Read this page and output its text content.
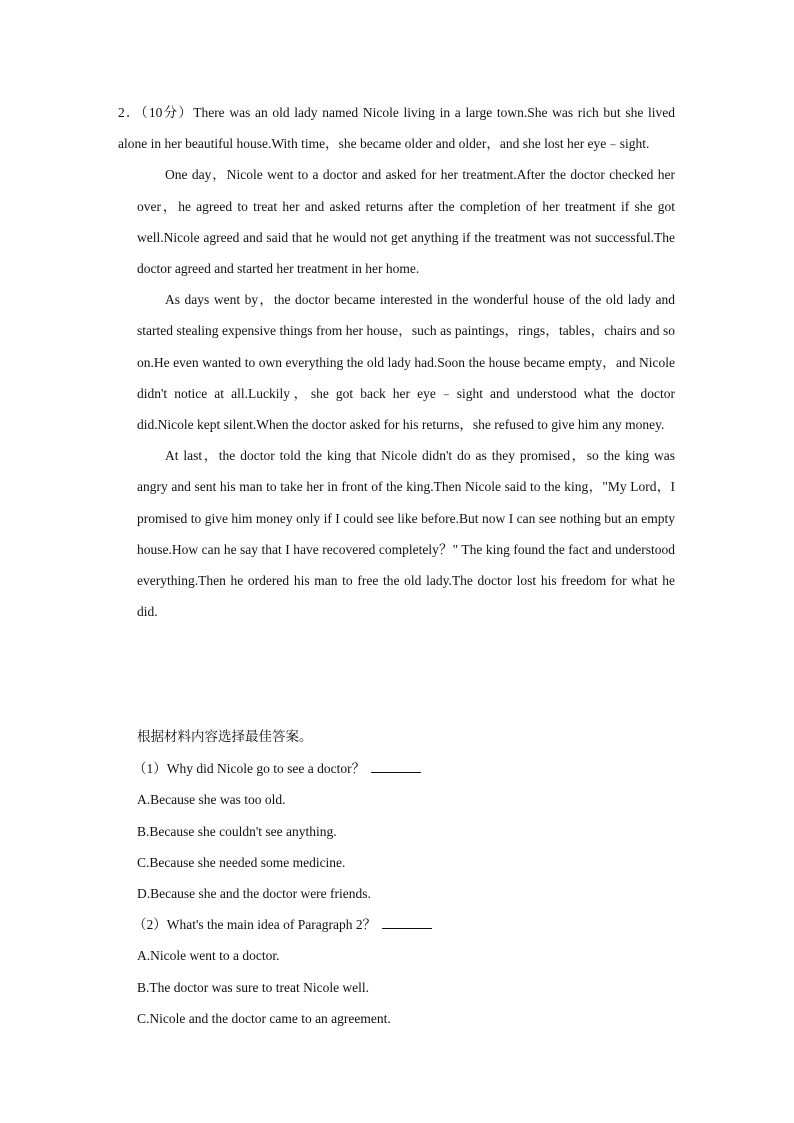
2．（10分）There was an old lady named Nicole living in a large town.She was rich but she lived alone in her beautiful house.With time，she became older and older，and she lost her eye﹣sight.

One day，Nicole went to a doctor and asked for her treatment.After the doctor checked her over，he agreed to treat her and asked returns after the completion of her treatment if she got well.Nicole agreed and said that he would not get anything if the treatment was not successful.The doctor agreed and started her treatment in her home.

As days went by，the doctor became interested in the wonderful house of the old lady and started stealing expensive things from her house，such as paintings，rings，tables，chairs and so on.He even wanted to own everything the old lady had.Soon the house became empty，and Nicole didn't notice at all.Luckily，she got back her eye﹣sight and understood what the doctor did.Nicole kept silent.When the doctor asked for his returns，she refused to give him any money.

At last，the doctor told the king that Nicole didn't do as they promised，so the king was angry and sent his man to take her in front of the king.Then Nicole said to the king，"My Lord，I promised to give him money only if I could see like before.But now I can see nothing but an empty house.How can he say that I have recovered completely？" The king found the fact and understood everything.Then he ordered his man to free the old lady.The doctor lost his freedom for what he did.

根据材料内容选择最佳答案。

（1）Why did Nicole go to see a doctor？

A.Because she was too old.

B.Because she couldn't see anything.

C.Because she needed some medicine.

D.Because she and the doctor were friends.

（2）What's the main idea of Paragraph 2？

A.Nicole went to a doctor.

B.The doctor was sure to treat Nicole well.

C.Nicole and the doctor came to an agreement.
